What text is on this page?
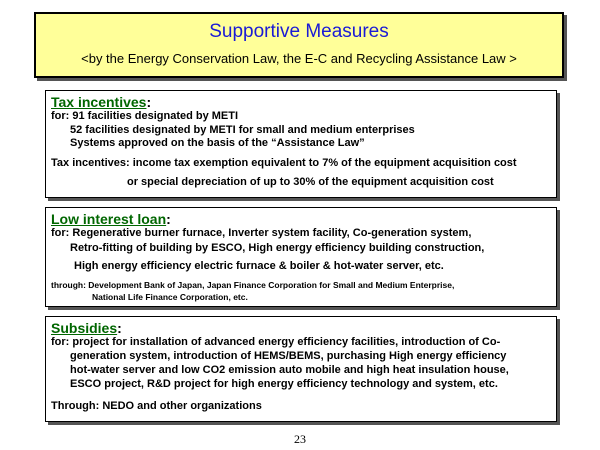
Supportive Measures
<by the Energy Conservation Law, the E-C and Recycling Assistance Law >
Tax incentives:
for: 91 facilities designated by METI
52 facilities designated by METI for small and medium enterprises
Systems approved on the basis of the “Assistance Law”
Tax incentives: income tax exemption equivalent to 7% of the equipment acquisition cost
or special depreciation of up to 30% of the equipment acquisition cost
Low interest loan:
for: Regenerative burner furnace, Inverter system facility, Co-generation system,
Retro-fitting of building by ESCO, High energy efficiency building construction,
High energy efficiency electric furnace & boiler & hot-water server, etc.
through: Development Bank of Japan, Japan Finance Corporation for Small and Medium Enterprise,
National Life Finance Corporation, etc.
Subsidies:
for: project for installation of advanced energy efficiency facilities, introduction of Co-
generation system, introduction of HEMS/BEMS, purchasing High energy efficiency
hot-water server and low CO2 emission auto mobile and high heat insulation house,
ESCO project, R&D project for high energy efficiency technology and system, etc.
Through: NEDO and other organizations
23
